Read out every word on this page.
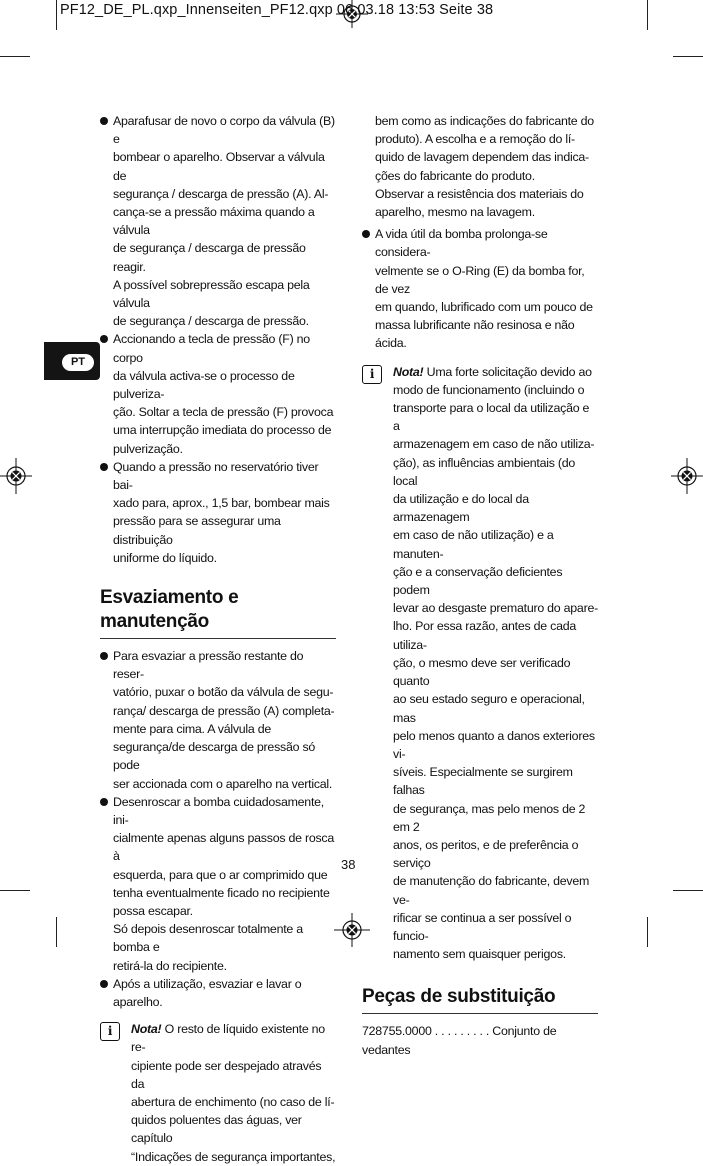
PF12_DE_PL.qxp_Innenseiten_PF12.qxp 06.03.18 13:53 Seite 38
PT

Aparafusar de novo o corpo da válvula (B) e

bombear o aparelho. Observar a válvula de

segurança / descarga de pressão (A). Al-

cança-se a pressão máxima quando a válvula

de segurança / descarga de pressão reagir.

A possível sobrepressão escapa pela válvula

de segurança / descarga de pressão.

Accionando a tecla de pressão (F) no corpo

da válvula activa-se o processo de pulveriza-

ção. Soltar a tecla de pressão (F) provoca

uma interrupção imediata do processo de

pulverização.

Quando a pressão no reservatório tiver bai-

xado para, aprox., 1,5 bar, bombear mais

pressão para se assegurar uma distribuição

uniforme do líquido.

Esvaziamento e manutenção

Para esvaziar a pressão restante do reser-

vatório, puxar o botão da válvula de segu-

rança/ descarga de pressão (A) completa-

mente para cima. A válvula de

segurança/de descarga de pressão só pode

ser accionada com o aparelho na vertical.

Desenroscar a bomba cuidadosamente, ini-

cialmente apenas alguns passos de rosca à

esquerda, para que o ar comprimido que

tenha eventualmente ficado no recipiente

possa escapar.

Só depois desenroscar totalmente a bomba e

retirá-la do recipiente.

Após a utilização, esvaziar e lavar o aparelho.

i	Nota! O resto de líquido existente no re-

cipiente pode ser despejado através da

abertura de enchimento (no caso de lí-

quidos poluentes das águas, ver capítulo

“Indicações de segurança importantes,

bem como as indicações do fabricante do

produto). A escolha e a remoção do lí-

quido de lavagem dependem das indica-

ções do fabricante do produto.

Observar a resistência dos materiais do

aparelho, mesmo na lavagem.

A vida útil da bomba prolonga-se considera-

velmente se o O-Ring (E) da bomba for, de vez

em quando, lubrificado com um pouco de

massa lubrificante não resinosa e não ácida.

i	Nota! Uma forte solicitação devido ao

modo de funcionamento (incluindo o

transporte para o local da utilização e a

armazenagem em caso de não utiliza-

ção), as influências ambientais (do local

da utilização e do local da armazenagem

em caso de não utilização) e a manuten-

ção e a conservação deficientes podem

levar ao desgaste prematuro do apare-

lho. Por essa razão, antes de cada utiliza-

ção, o mesmo deve ser verificado quanto

ao seu estado seguro e operacional, mas

pelo menos quanto a danos exteriores vi-

síveis. Especialmente se surgirem falhas

de segurança, mas pelo menos de 2 em 2

anos, os peritos, e de preferência o serviço

de manutenção do fabricante, devem ve-

rificar se continua a ser possível o funcio-

namento sem quaisquer perigos.

Peças de substituição

728755.0000 . . . . . . . . . Conjunto de vedantes

38
